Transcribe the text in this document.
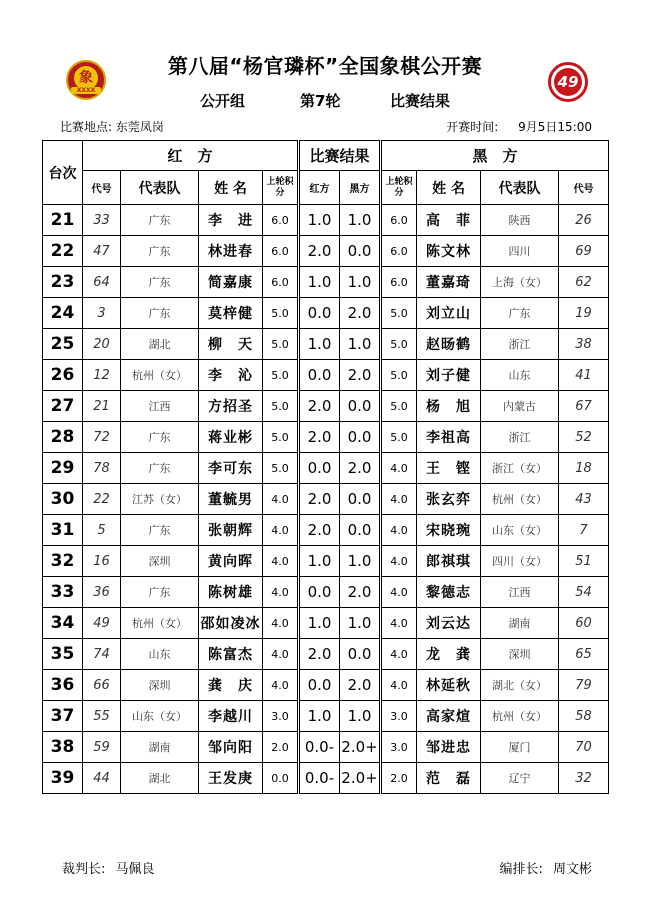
象
XXXX	49
第八届“杨官璘杯”全国象棋公开赛
公开组	第7轮	比赛结果
比赛地点: 东莞凤岗	开赛时间: 9月5日15:00
台次	红　方				比赛结果		黑　方			
	代号	代表队	姓 名	上轮积分	红方	黑方	上轮积分	姓 名	代表队	代号
21	33	广东	李　进	6.0	1.0	1.0	6.0	高　菲	陕西	26
22	47	广东	林进春	6.0	2.0	0.0	6.0	陈文林	四川	69
23	64	广东	简嘉康	6.0	1.0	1.0	6.0	董嘉琦	上海（女）	62
24	3	广东	莫梓健	5.0	0.0	2.0	5.0	刘立山	广东	19
25	20	湖北	柳　天	5.0	1.0	1.0	5.0	赵旸鹤	浙江	38
26	12	杭州（女）	李　沁	5.0	0.0	2.0	5.0	刘子健	山东	41
27	21	江西	方招圣	5.0	2.0	0.0	5.0	杨　旭	内蒙古	67
28	72	广东	蒋业彬	5.0	2.0	0.0	5.0	李祖高	浙江	52
29	78	广东	李可东	5.0	0.0	2.0	4.0	王　铿	浙江（女）	18
30	22	江苏（女）	董毓男	4.0	2.0	0.0	4.0	张玄弈	杭州（女）	43
31	5	广东	张朝辉	4.0	2.0	0.0	4.0	宋晓琬	山东（女）	7
32	16	深圳	黄向晖	4.0	1.0	1.0	4.0	郎祺琪	四川（女）	51
33	36	广东	陈树雄	4.0	0.0	2.0	4.0	黎德志	江西	54
34	49	杭州（女）	邵如凌冰	4.0	1.0	1.0	4.0	刘云达	湖南	60
35	74	山东	陈富杰	4.0	2.0	0.0	4.0	龙　龚	深圳	65
36	66	深圳	龚　庆	4.0	0.0	2.0	4.0	林延秋	湖北（女）	79
37	55	山东（女）	李越川	3.0	1.0	1.0	3.0	高家煊	杭州（女）	58
38	59	湖南	邹向阳	2.0	0.0-	2.0+	3.0	邹进忠	厦门	70
39	44	湖北	王发庚	0.0	0.0-	2.0+	2.0	范　磊	辽宁	32
裁判长: 马佩良	编排长: 周文彬
